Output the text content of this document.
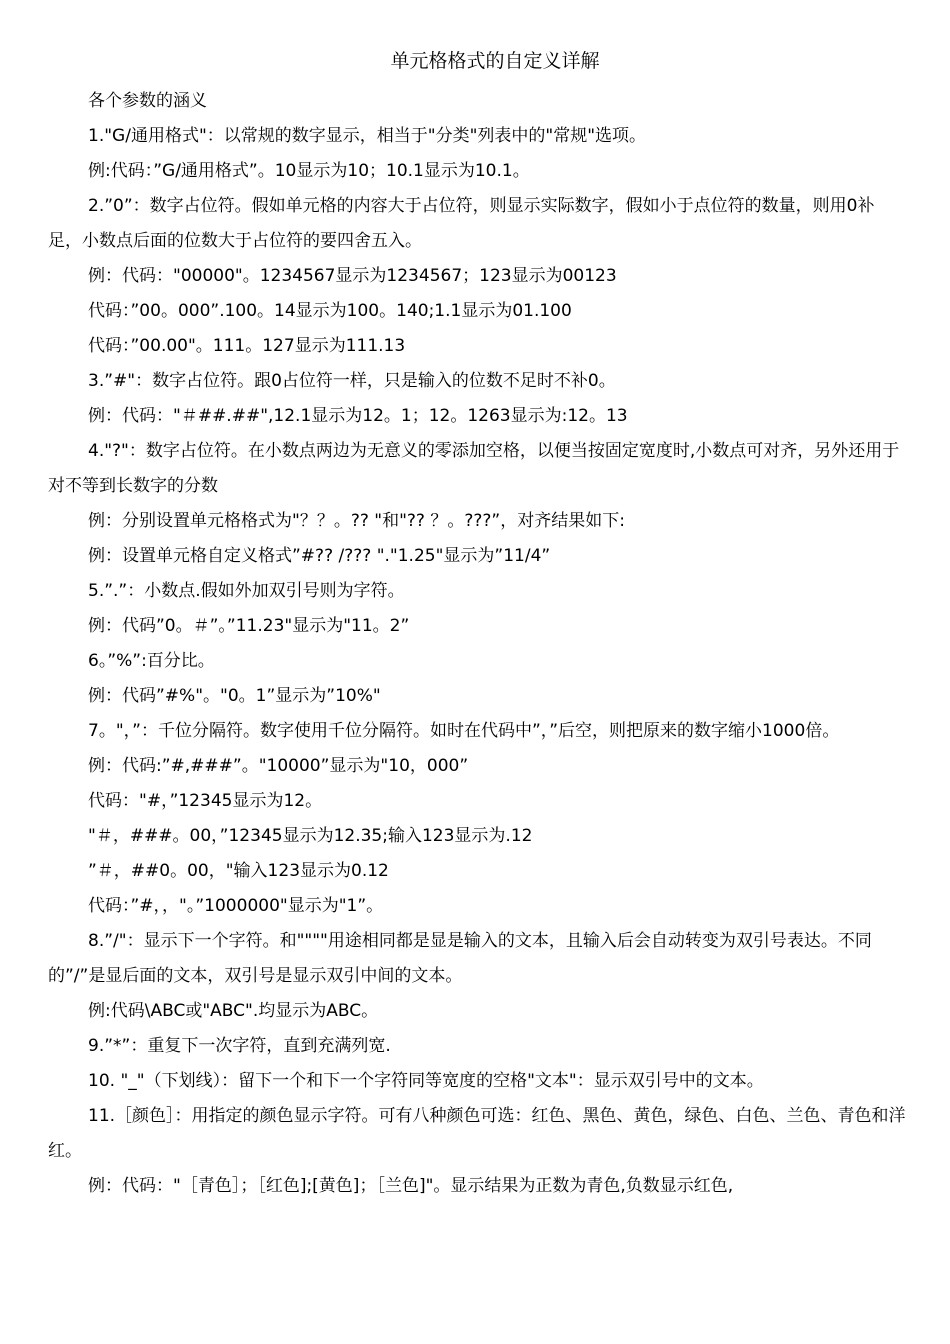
单元格格式的自定义详解

各个参数的涵义

1."G/通用格式"：以常规的数字显示，相当于"分类"列表中的"常规"选项。

例:代码：”G/通用格式”。10显示为10；10.1显示为10.1。

2.”0”：数字占位符。假如单元格的内容大于占位符，则显示实际数字，假如小于点位符的数量，则用0补足，小数点后面的位数大于占位符的要四舍五入。

例：代码："00000"。1234567显示为1234567；123显示为00123

代码：”00。000”.100。14显示为100。140;1.1显示为01.100

代码：”00.00"。111。127显示为111.13

3.”#"：数字占位符。跟0占位符一样，只是输入的位数不足时不补0。

例：代码："＃##.##",12.1显示为12。1；12。1263显示为:12。13

4."?"：数字占位符。在小数点两边为无意义的零添加空格，以便当按固定宽度时,小数点可对齐，另外还用于对不等到长数字的分数

例：分别设置单元格格式为"？？。?? "和"?? ？。???”，对齐结果如下:

例：设置单元格自定义格式”#?? /??? "."1.25"显示为”11/4”

5.”.”：小数点.假如外加双引号则为字符。

例：代码”0。＃”。”11.23"显示为"11。2”

6。”%”:百分比。

例：代码”#%"。"0。1”显示为”10%"

7。"，”：千位分隔符。数字使用千位分隔符。如时在代码中”，”后空，则把原来的数字缩小1000倍。

例：代码:”#,###”。"10000”显示为"10，000”

代码："#，”12345显示为12。

"＃，###。00，”12345显示为12.35;输入123显示为.12

”＃，##0。00，"输入123显示为0.12

代码：”#，，"。”1000000"显示为"1”。

8.”/"：显示下一个字符。和""""用途相同都是显是输入的文本，且输入后会自动转变为双引号表达。不同的”/”是显后面的文本，双引号是显示双引中间的文本。

例:代码\ABC或"ABC".均显示为ABC。

9.”*”：重复下一次字符，直到充满列宽.

10. "_"（下划线）：留下一个和下一个字符同等宽度的空格"文本"：显示双引号中的文本。

11.［颜色］：用指定的颜色显示字符。可有八种颜色可选：红色、黑色、黄色，绿色、白色、兰色、青色和洋红。

例：代码："［青色］；［红色];[黄色]；［兰色]"。显示结果为正数为青色,负数显示红色,
